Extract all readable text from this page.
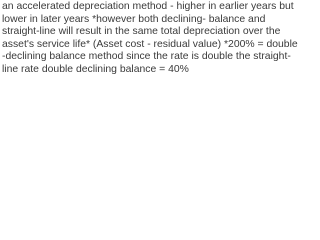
an accelerated depreciation method - higher in earlier years but
lower in later years *however both declining- balance and
straight-line will result in the same total depreciation over the
asset's service life* (Asset cost - residual value) *200% = double
-declining balance method since the rate is double the straight-
line rate double declining balance = 40%
